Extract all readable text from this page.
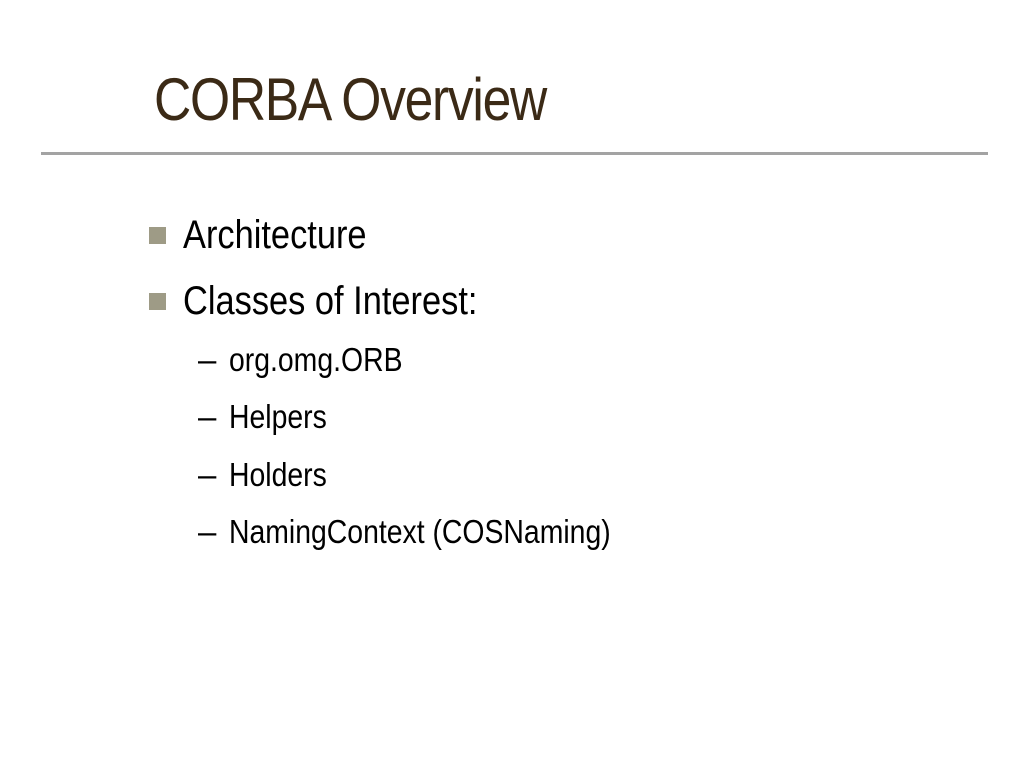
CORBA Overview
Architecture
Classes of Interest:
– org.omg.ORB
– Helpers
– Holders
– NamingContext (COSNaming)
